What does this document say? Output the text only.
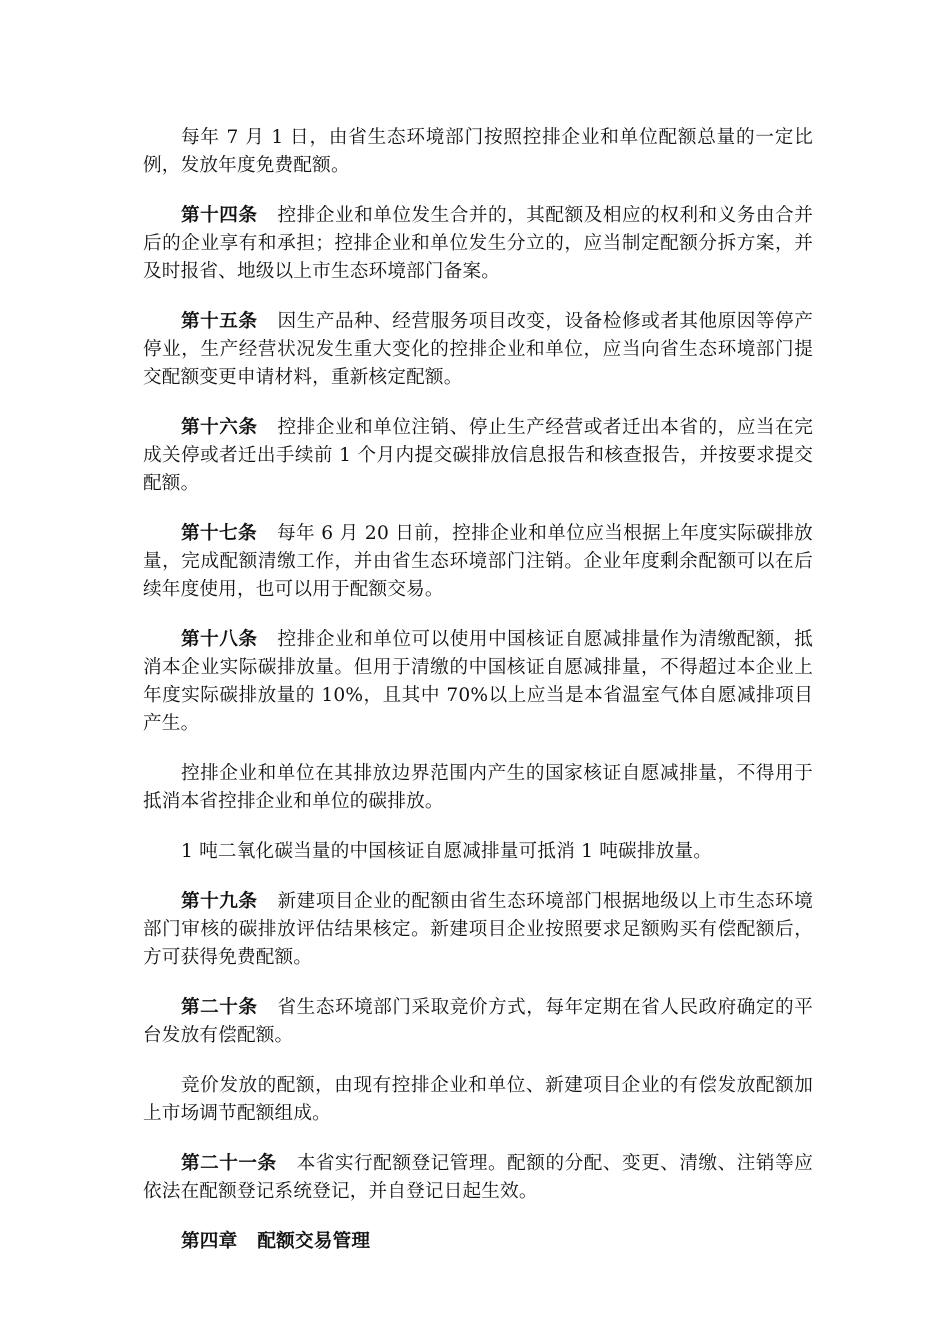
每年 7 月 1 日，由省生态环境部门按照控排企业和单位配额总量的一定比例，发放年度免费配额。

第十四条 控排企业和单位发生合并的，其配额及相应的权利和义务由合并后的企业享有和承担；控排企业和单位发生分立的，应当制定配额分拆方案，并及时报省、地级以上市生态环境部门备案。

第十五条 因生产品种、经营服务项目改变，设备检修或者其他原因等停产停业，生产经营状况发生重大变化的控排企业和单位，应当向省生态环境部门提交配额变更申请材料，重新核定配额。

第十六条 控排企业和单位注销、停止生产经营或者迁出本省的，应当在完成关停或者迁出手续前 1 个月内提交碳排放信息报告和核查报告，并按要求提交配额。

第十七条 每年 6 月 20 日前，控排企业和单位应当根据上年度实际碳排放量，完成配额清缴工作，并由省生态环境部门注销。企业年度剩余配额可以在后续年度使用，也可以用于配额交易。

第十八条 控排企业和单位可以使用中国核证自愿减排量作为清缴配额，抵消本企业实际碳排放量。但用于清缴的中国核证自愿减排量，不得超过本企业上年度实际碳排放量的 10%，且其中 70%以上应当是本省温室气体自愿减排项目产生。

控排企业和单位在其排放边界范围内产生的国家核证自愿减排量，不得用于抵消本省控排企业和单位的碳排放。

1 吨二氧化碳当量的中国核证自愿减排量可抵消 1 吨碳排放量。

第十九条 新建项目企业的配额由省生态环境部门根据地级以上市生态环境部门审核的碳排放评估结果核定。新建项目企业按照要求足额购买有偿配额后，方可获得免费配额。

第二十条 省生态环境部门采取竞价方式，每年定期在省人民政府确定的平台发放有偿配额。

竞价发放的配额，由现有控排企业和单位、新建项目企业的有偿发放配额加上市场调节配额组成。

第二十一条 本省实行配额登记管理。配额的分配、变更、清缴、注销等应依法在配额登记系统登记，并自登记日起生效。

第四章 配额交易管理
